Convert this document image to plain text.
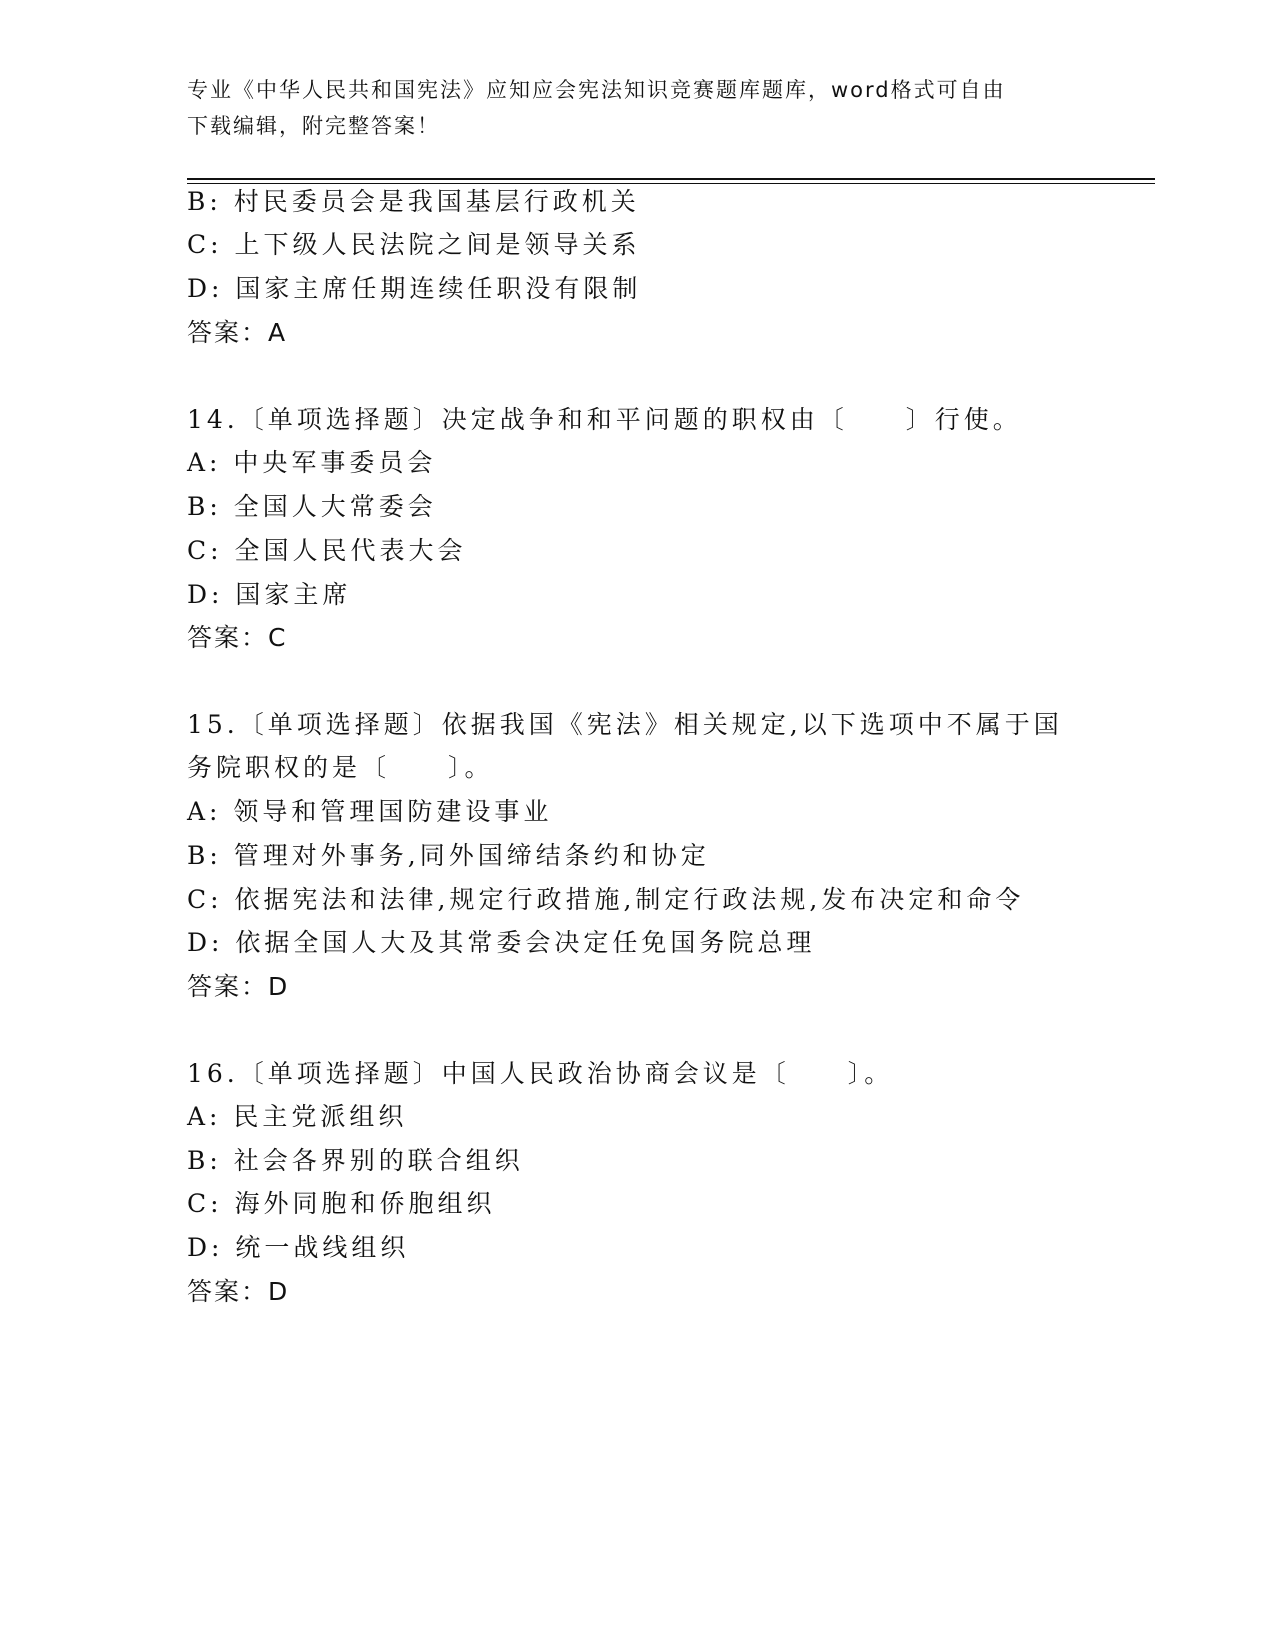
专业《中华人民共和国宪法》应知应会宪法知识竞赛题库题库，word格式可自由
下载编辑，附完整答案！
B: 村民委员会是我国基层行政机关
C: 上下级人民法院之间是领导关系
D: 国家主席任期连续任职没有限制
答案：A
14.〔单项选择题〕决定战争和和平问题的职权由〔　　〕行使。
A: 中央军事委员会
B: 全国人大常委会
C: 全国人民代表大会
D: 国家主席
答案：C
15.〔单项选择题〕依据我国《宪法》相关规定,以下选项中不属于国
务院职权的是〔　　〕。
A: 领导和管理国防建设事业
B: 管理对外事务,同外国缔结条约和协定
C: 依据宪法和法律,规定行政措施,制定行政法规,发布决定和命令
D: 依据全国人大及其常委会决定任免国务院总理
答案：D
16.〔单项选择题〕中国人民政治协商会议是〔　　〕。
A: 民主党派组织
B: 社会各界别的联合组织
C: 海外同胞和侨胞组织
D: 统一战线组织
答案：D
